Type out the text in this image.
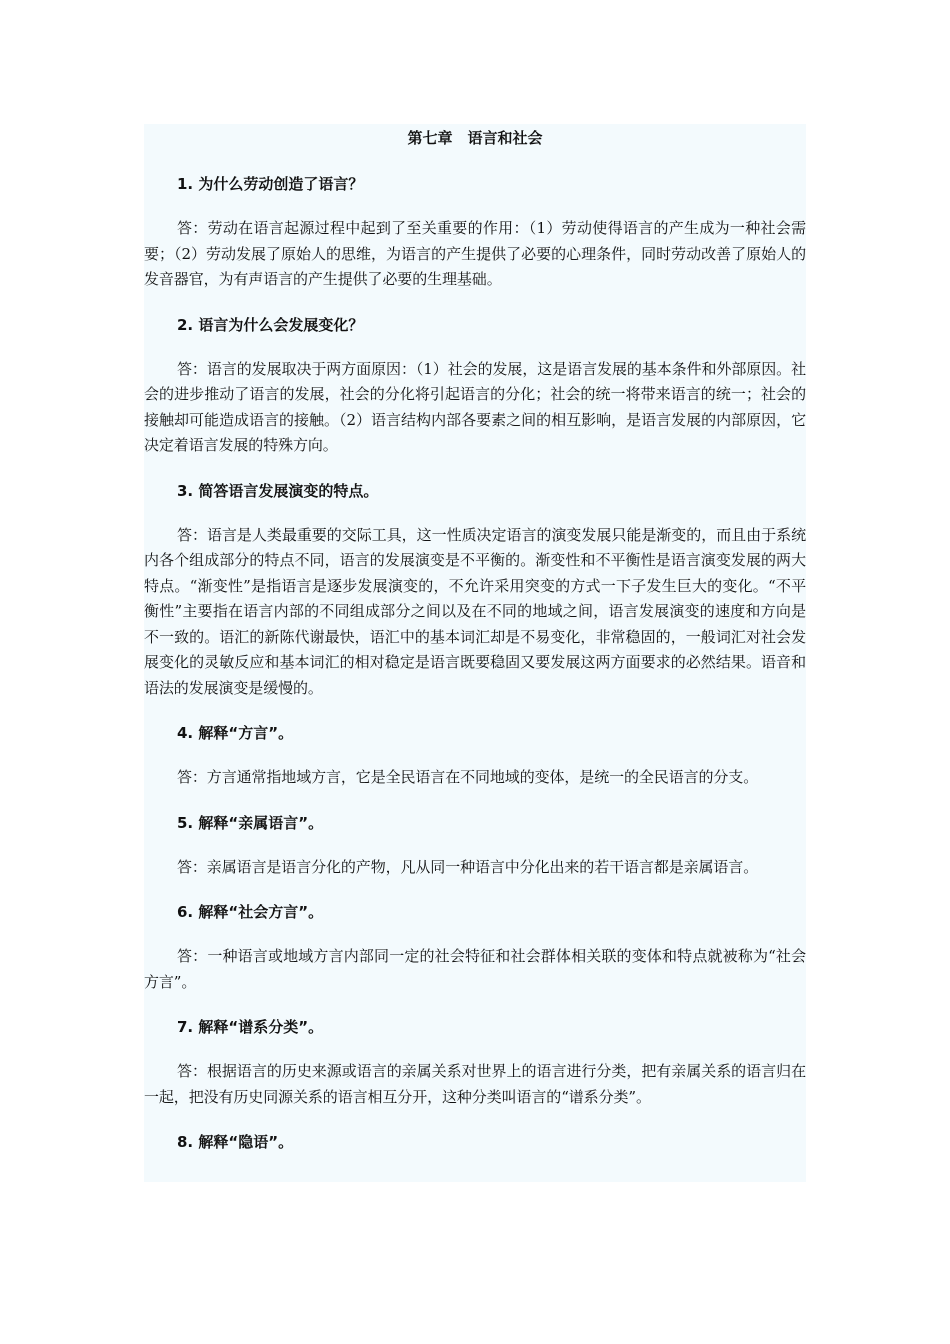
第七章　语言和社会
1. 为什么劳动创造了语言？
答：劳动在语言起源过程中起到了至关重要的作用：（1）劳动使得语言的产生成为一种社会需要；（2）劳动发展了原始人的思维，为语言的产生提供了必要的心理条件，同时劳动改善了原始人的发音器官，为有声语言的产生提供了必要的生理基础。
2. 语言为什么会发展变化？
答：语言的发展取决于两方面原因：（1）社会的发展，这是语言发展的基本条件和外部原因。社会的进步推动了语言的发展，社会的分化将引起语言的分化；社会的统一将带来语言的统一；社会的接触却可能造成语言的接触。（2）语言结构内部各要素之间的相互影响，是语言发展的内部原因，它决定着语言发展的特殊方向。
3. 简答语言发展演变的特点。
答：语言是人类最重要的交际工具，这一性质决定语言的演变发展只能是渐变的，而且由于系统内各个组成部分的特点不同，语言的发展演变是不平衡的。渐变性和不平衡性是语言演变发展的两大特点。“渐变性”是指语言是逐步发展演变的，不允许采用突变的方式一下子发生巨大的变化。“不平衡性”主要指在语言内部的不同组成部分之间以及在不同的地域之间，语言发展演变的速度和方向是不一致的。语汇的新陈代谢最快，语汇中的基本词汇却是不易变化，非常稳固的，一般词汇对社会发展变化的灵敏反应和基本词汇的相对稳定是语言既要稳固又要发展这两方面要求的必然结果。语音和语法的发展演变是缓慢的。
4. 解释“方言”。
答：方言通常指地域方言，它是全民语言在不同地域的变体，是统一的全民语言的分支。
5. 解释“亲属语言”。
答：亲属语言是语言分化的产物，凡从同一种语言中分化出来的若干语言都是亲属语言。
6. 解释“社会方言”。
答：一种语言或地域方言内部同一定的社会特征和社会群体相关联的变体和特点就被称为“社会方言”。
7. 解释“谱系分类”。
答：根据语言的历史来源或语言的亲属关系对世界上的语言进行分类，把有亲属关系的语言归在一起，把没有历史同源关系的语言相互分开，这种分类叫语言的“谱系分类”。
8. 解释“隐语”。
